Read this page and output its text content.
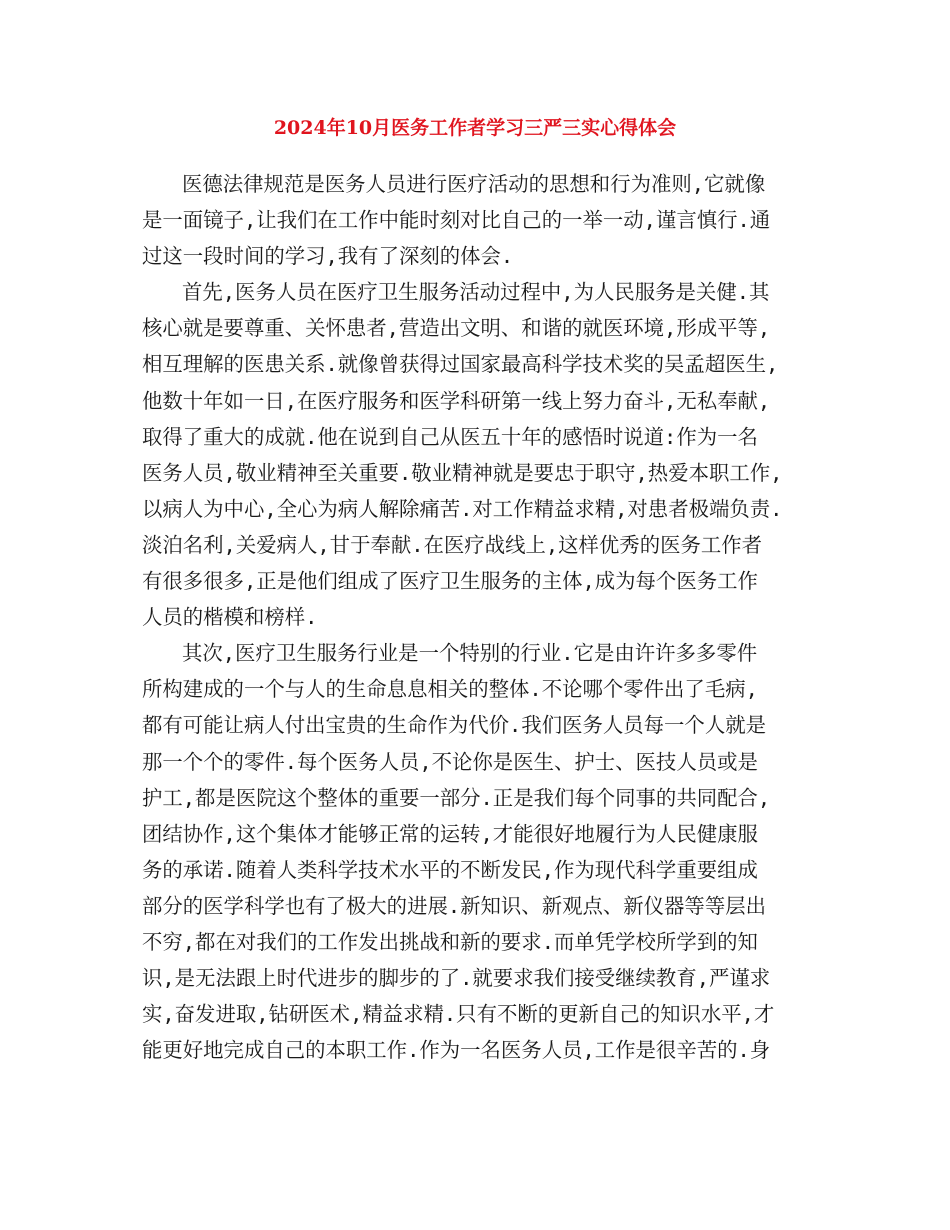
2024年10月医务工作者学习三严三实心得体会
医德法律规范是医务人员进行医疗活动的思想和行为准则,它就像
是一面镜子,让我们在工作中能时刻对比自己的一举一动,谨言慎行.通
过这一段时间的学习,我有了深刻的体会.
首先,医务人员在医疗卫生服务活动过程中,为人民服务是关健.其
核心就是要尊重、关怀患者,营造出文明、和谐的就医环境,形成平等,
相互理解的医患关系.就像曾获得过国家最高科学技术奖的吴孟超医生,
他数十年如一日,在医疗服务和医学科研第一线上努力奋斗,无私奉献,
取得了重大的成就.他在说到自己从医五十年的感悟时说道:作为一名
医务人员,敬业精神至关重要.敬业精神就是要忠于职守,热爱本职工作,
以病人为中心,全心为病人解除痛苦.对工作精益求精,对患者极端负责.
淡泊名利,关爱病人,甘于奉献.在医疗战线上,这样优秀的医务工作者
有很多很多,正是他们组成了医疗卫生服务的主体,成为每个医务工作
人员的楷模和榜样.
其次,医疗卫生服务行业是一个特别的行业.它是由许许多多零件
所构建成的一个与人的生命息息相关的整体.不论哪个零件出了毛病,
都有可能让病人付出宝贵的生命作为代价.我们医务人员每一个人就是
那一个个的零件.每个医务人员,不论你是医生、护士、医技人员或是
护工,都是医院这个整体的重要一部分.正是我们每个同事的共同配合,
团结协作,这个集体才能够正常的运转,才能很好地履行为人民健康服
务的承诺.随着人类科学技术水平的不断发民,作为现代科学重要组成
部分的医学科学也有了极大的进展.新知识、新观点、新仪器等等层出
不穷,都在对我们的工作发出挑战和新的要求.而单凭学校所学到的知
识,是无法跟上时代进步的脚步的了.就要求我们接受继续教育,严谨求
实,奋发进取,钻研医术,精益求精.只有不断的更新自己的知识水平,才
能更好地完成自己的本职工作.作为一名医务人员,工作是很辛苦的.身
